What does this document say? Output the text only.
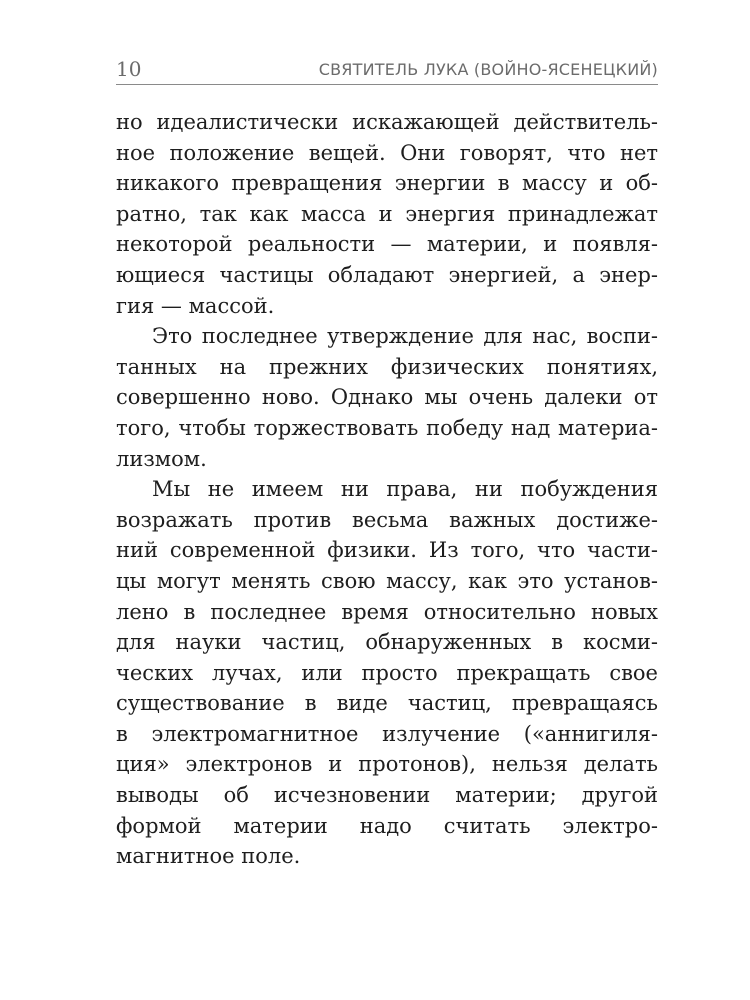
10	СВЯТИТЕЛЬ ЛУКА (ВОЙНО-ЯСЕНЕЦКИЙ)
но идеалистически искажающей действитель-
ное положение вещей. Они говорят, что нет
никакого превращения энергии в массу и об-
ратно, так как масса и энергия принадлежат
некоторой реальности — материи, и появля-
ющиеся частицы обладают энергией, а энер-
гия — массой.
Это последнее утверждение для нас, воспи-
танных на прежних физических понятиях,
совершенно ново. Однако мы очень далеки от
того, чтобы торжествовать победу над материа-
лизмом.
Мы не имеем ни права, ни побуждения
возражать против весьма важных достиже-
ний современной физики. Из того, что части-
цы могут менять свою массу, как это установ-
лено в последнее время относительно новых
для науки частиц, обнаруженных в косми-
ческих лучах, или просто прекращать свое
существование в виде частиц, превращаясь
в электромагнитное излучение («аннигиля-
ция» электронов и протонов), нельзя делать
выводы об исчезновении материи; другой
формой материи надо считать электро-
магнитное поле.
